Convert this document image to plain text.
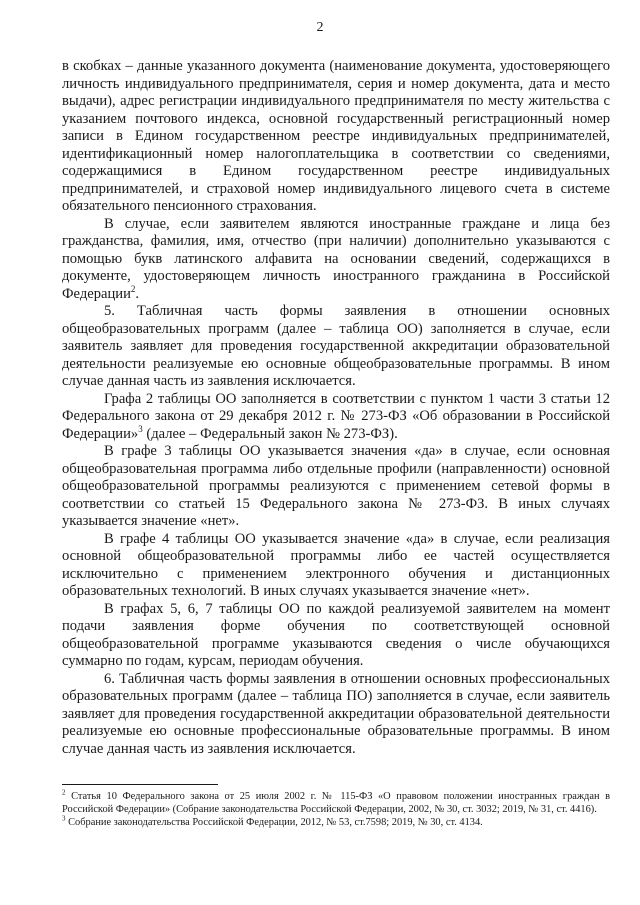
2

в скобках – данные указанного документа (наименование документа, удостоверяющего личность индивидуального предпринимателя, серия и номер документа, дата и место выдачи), адрес регистрации индивидуального предпринимателя по месту жительства с указанием почтового индекса, основной государственный регистрационный номер записи в Едином государственном реестре индивидуальных предпринимателей, идентификационный номер налогоплательщика в соответствии со сведениями, содержащимися в Едином государственном реестре индивидуальных предпринимателей, и страховой номер индивидуального лицевого счета в системе обязательного пенсионного страхования.

В случае, если заявителем являются иностранные граждане и лица без гражданства, фамилия, имя, отчество (при наличии) дополнительно указываются с помощью букв латинского алфавита на основании сведений, содержащихся в документе, удостоверяющем личность иностранного гражданина в Российской Федерации$^2$.

5. Табличная часть формы заявления в отношении основных общеобразовательных программ (далее – таблица ОО) заполняется в случае, если заявитель заявляет для проведения государственной аккредитации образовательной деятельности реализуемые ею основные общеобразовательные программы. В ином случае данная часть из заявления исключается.

Графа 2 таблицы ОО заполняется в соответствии с пунктом 1 части 3 статьи 12 Федерального закона от 29 декабря 2012 г. № 273-ФЗ «Об образовании в Российской Федерации»$^3$ (далее – Федеральный закон № 273-ФЗ).

В графе 3 таблицы ОО указывается значения «да» в случае, если основная общеобразовательная программа либо отдельные профили (направленности) основной общеобразовательной программы реализуются с применением сетевой формы в соответствии со статьей 15 Федерального закона № 273-ФЗ. В иных случаях указывается значение «нет».

В графе 4 таблицы ОО указывается значение «да» в случае, если реализация основной общеобразовательной программы либо ее частей осуществляется исключительно с применением электронного обучения и дистанционных образовательных технологий. В иных случаях указывается значение «нет».

В графах 5, 6, 7 таблицы ОО по каждой реализуемой заявителем на момент подачи заявления форме обучения по соответствующей основной общеобразовательной программе указываются сведения о числе обучающихся суммарно по годам, курсам, периодам обучения.

6. Табличная часть формы заявления в отношении основных профессиональных образовательных программ (далее – таблица ПО) заполняется в случае, если заявитель заявляет для проведения государственной аккредитации образовательной деятельности реализуемые ею основные профессиональные образовательные программы. В ином случае данная часть из заявления исключается.

$^2$ Статья 10 Федерального закона от 25 июля 2002 г. № 115-ФЗ «О правовом положении иностранных граждан в Российской Федерации» (Собрание законодательства Российской Федерации, 2002, № 30, ст. 3032; 2019, № 31, ст. 4416).

$^3$ Собрание законодательства Российской Федерации, 2012, № 53, ст.7598; 2019, № 30, ст. 4134.
